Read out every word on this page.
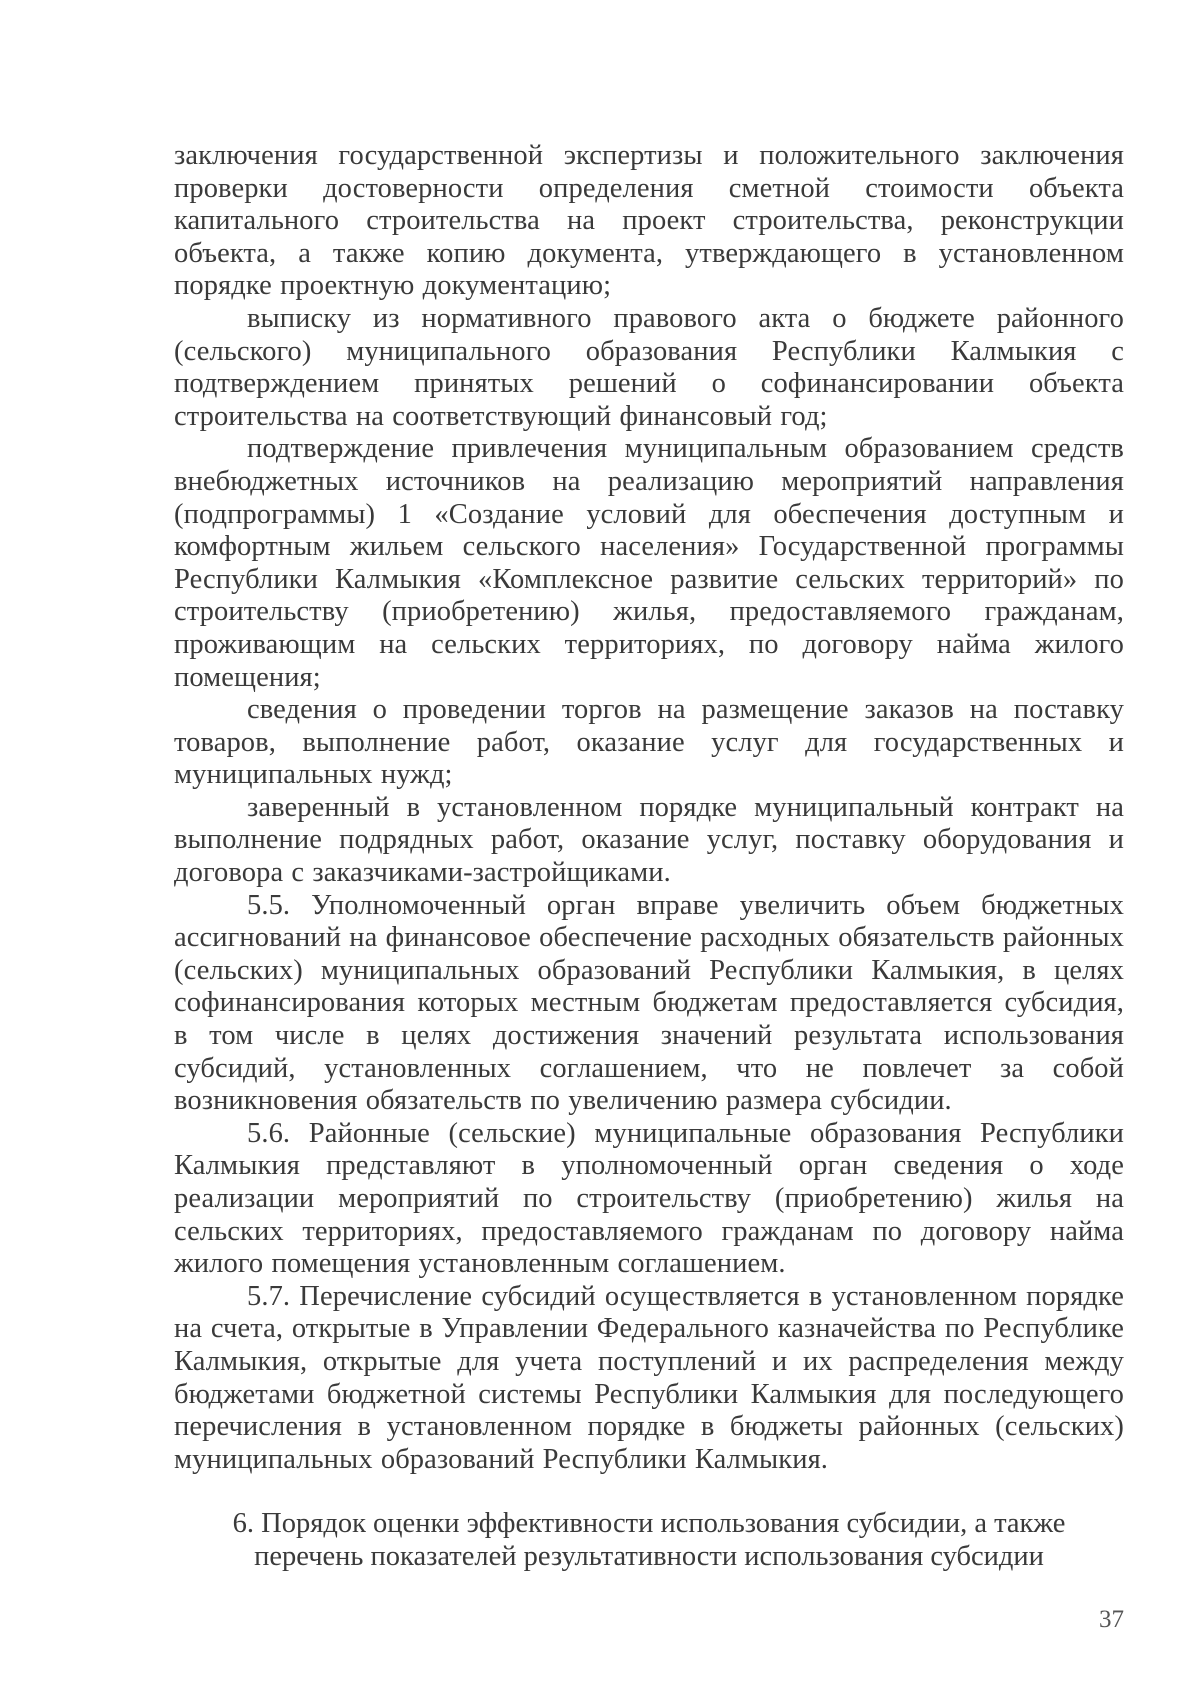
заключения государственной экспертизы и положительного заключения проверки достоверности определения сметной стоимости объекта капитального строительства на проект строительства, реконструкции объекта, а также копию документа, утверждающего в установленном порядке проектную документацию;

выписку из нормативного правового акта о бюджете районного (сельского) муниципального образования Республики Калмыкия с подтверждением принятых решений о софинансировании объекта строительства на соответствующий финансовый год;

подтверждение привлечения муниципальным образованием средств внебюджетных источников на реализацию мероприятий направления (подпрограммы) 1 «Создание условий для обеспечения доступным и комфортным жильем сельского населения» Государственной программы Республики Калмыкия «Комплексное развитие сельских территорий» по строительству (приобретению) жилья, предоставляемого гражданам, проживающим на сельских территориях, по договору найма жилого помещения;

сведения о проведении торгов на размещение заказов на поставку товаров, выполнение работ, оказание услуг для государственных и муниципальных нужд;

заверенный в установленном порядке муниципальный контракт на выполнение подрядных работ, оказание услуг, поставку оборудования и договора с заказчиками-застройщиками.

5.5. Уполномоченный орган вправе увеличить объем бюджетных ассигнований на финансовое обеспечение расходных обязательств районных (сельских) муниципальных образований Республики Калмыкия, в целях софинансирования которых местным бюджетам предоставляется субсидия, в том числе в целях достижения значений результата использования субсидий, установленных соглашением, что не повлечет за собой возникновения обязательств по увеличению размера субсидии.

5.6. Районные (сельские) муниципальные образования Республики Калмыкия представляют в уполномоченный орган сведения о ходе реализации мероприятий по строительству (приобретению) жилья на сельских территориях, предоставляемого гражданам по договору найма жилого помещения установленным соглашением.

5.7. Перечисление субсидий осуществляется в установленном порядке на счета, открытые в Управлении Федерального казначейства по Республике Калмыкия, открытые для учета поступлений и их распределения между бюджетами бюджетной системы Республики Калмыкия для последующего перечисления в установленном порядке в бюджеты районных (сельских) муниципальных образований Республики Калмыкия.

6. Порядок оценки эффективности использования субсидии, а также
перечень показателей результативности использования субсидии
37
